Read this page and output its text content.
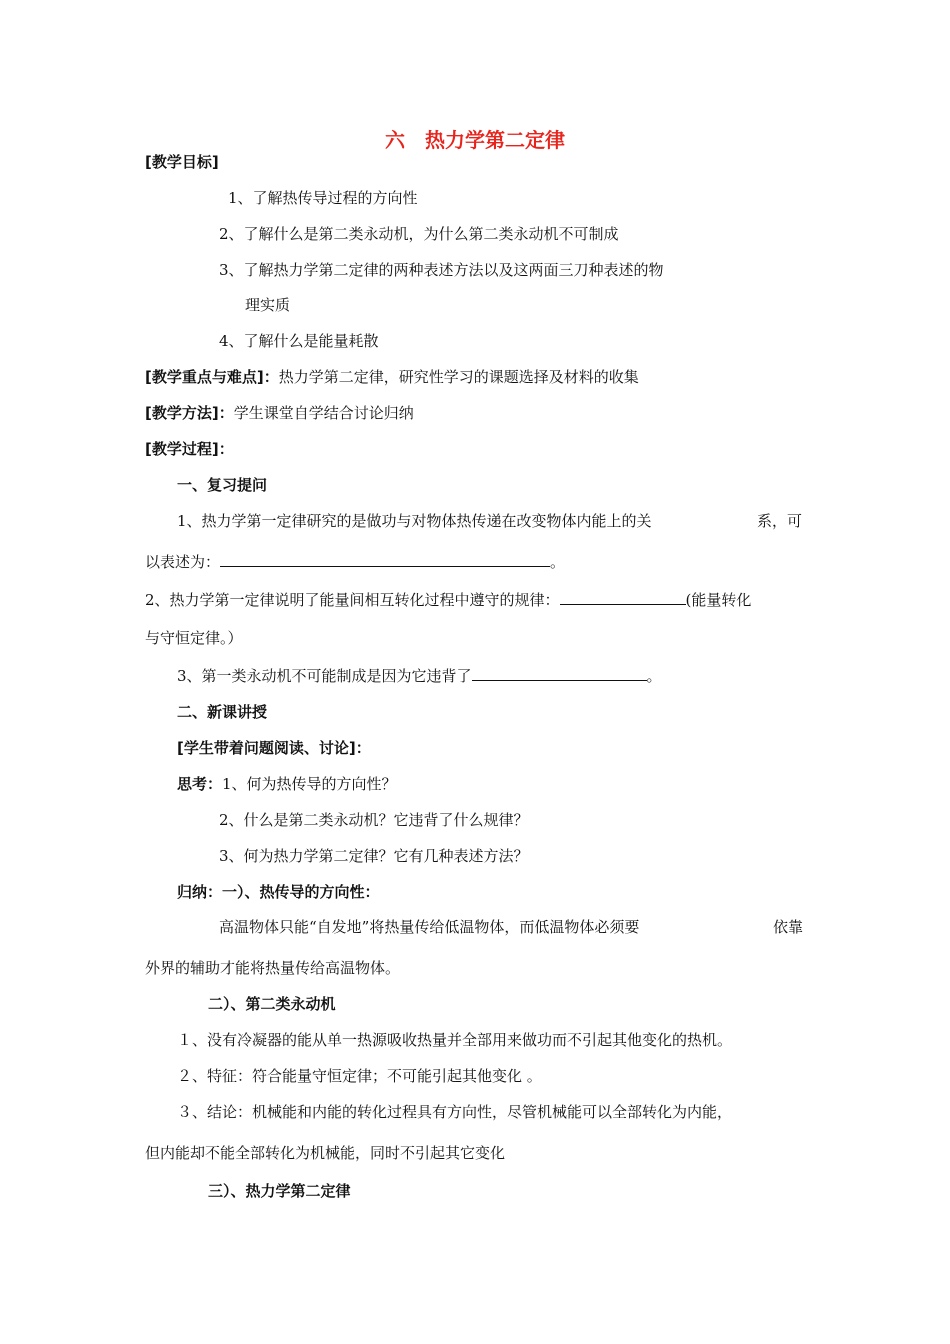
六　热力学第二定律
[教学目标]
1、了解热传导过程的方向性
2、了解什么是第二类永动机，为什么第二类永动机不可制成
3、了解热力学第二定律的两种表述方法以及这两面三刀种表述的物
理实质
4、了解什么是能量耗散
[教学重点与难点]：热力学第二定律，研究性学习的课题选择及材料的收集
[教学方法]：学生课堂自学结合讨论归纳
[教学过程]：
一、复习提问
1、热力学第一定律研究的是做功与对物体热传递在改变物体内能上的关	系，可
以表述为：	。
2、热力学第一定律说明了能量间相互转化过程中遵守的规律：	(能量转化
与守恒定律。）
3、第一类永动机不可能制成是因为它违背了	。
二、新课讲授
[学生带着问题阅读、讨论]：
思考：1、何为热传导的方向性？
2、什么是第二类永动机？它违背了什么规律？
3、何为热力学第二定律？它有几种表述方法？
归纳：一）、热传导的方向性：
高温物体只能“自发地”将热量传给低温物体，而低温物体必须要	依靠
外界的辅助才能将热量传给高温物体。
二）、第二类永动机
１、没有冷凝器的能从单一热源吸收热量并全部用来做功而不引起其他变化的热机。
２、特征：符合能量守恒定律；不可能引起其他变化 。
３、结论：机械能和内能的转化过程具有方向性，尽管机械能可以全部转化为内能，
但内能却不能全部转化为机械能，同时不引起其它变化
三）、热力学第二定律
